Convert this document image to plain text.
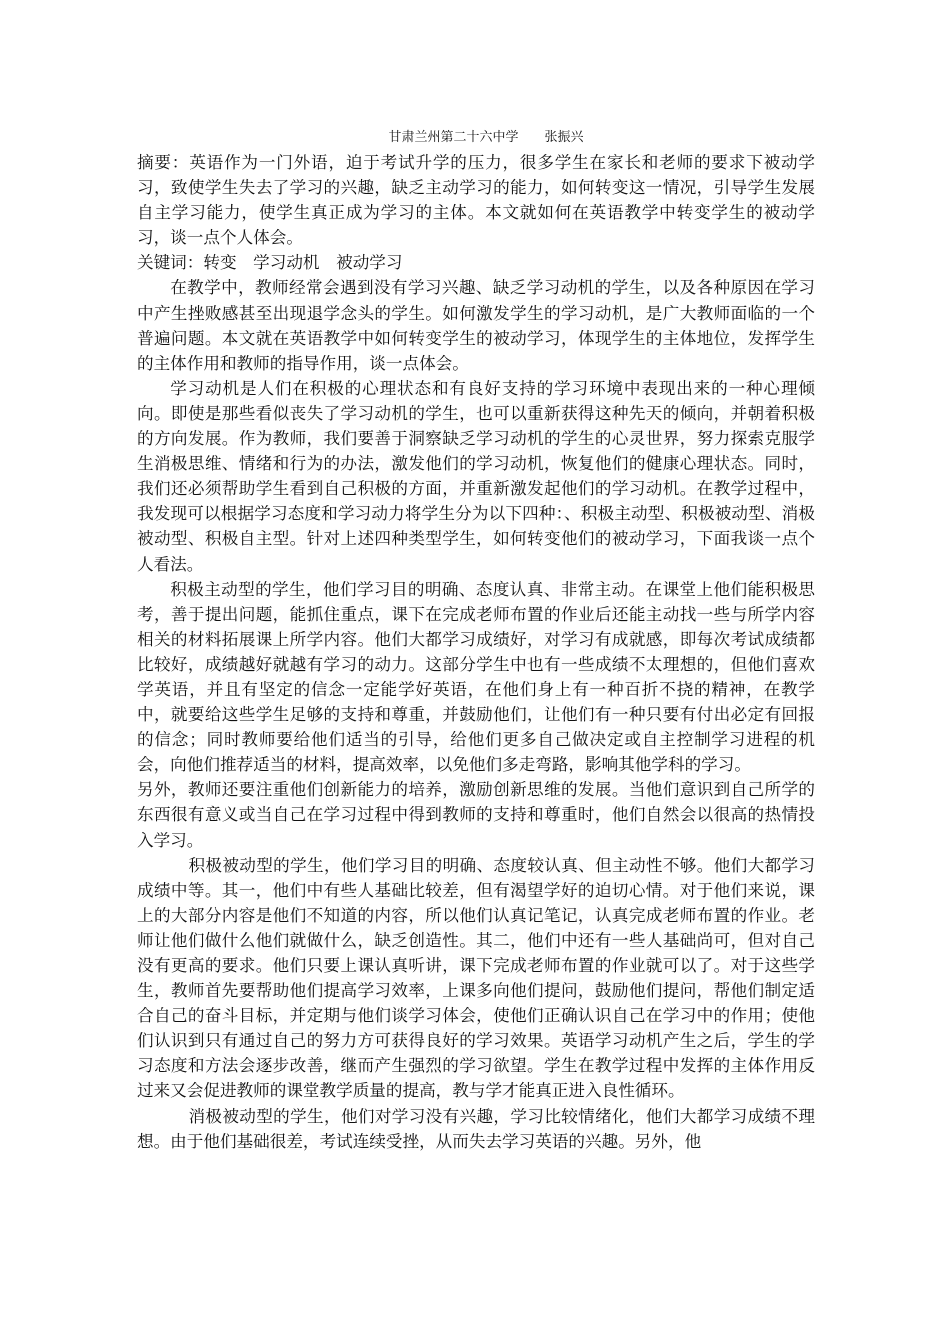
甘肃兰州第二十六中学　　张振兴

摘要：英语作为一门外语，迫于考试升学的压力，很多学生在家长和老师的要求下被动学习，致使学生失去了学习的兴趣，缺乏主动学习的能力，如何转变这一情况，引导学生发展自主学习能力，使学生真正成为学习的主体。本文就如何在英语教学中转变学生的被动学习，谈一点个人体会。

关键词：转变　学习动机　被动学习

在教学中，教师经常会遇到没有学习兴趣、缺乏学习动机的学生，以及各种原因在学习中产生挫败感甚至出现退学念头的学生。如何激发学生的学习动机，是广大教师面临的一个普遍问题。本文就在英语教学中如何转变学生的被动学习，体现学生的主体地位，发挥学生的主体作用和教师的指导作用，谈一点体会。

学习动机是人们在积极的心理状态和有良好支持的学习环境中表现出来的一种心理倾向。即使是那些看似丧失了学习动机的学生，也可以重新获得这种先天的倾向，并朝着积极的方向发展。作为教师，我们要善于洞察缺乏学习动机的学生的心灵世界，努力探索克服学生消极思维、情绪和行为的办法，激发他们的学习动机，恢复他们的健康心理状态。同时，我们还必须帮助学生看到自己积极的方面，并重新激发起他们的学习动机。在教学过程中，我发现可以根据学习态度和学习动力将学生分为以下四种：、积极主动型、积极被动型、消极被动型、积极自主型。针对上述四种类型学生，如何转变他们的被动学习，下面我谈一点个人看法。

积极主动型的学生，他们学习目的明确、态度认真、非常主动。在课堂上他们能积极思考，善于提出问题，能抓住重点，课下在完成老师布置的作业后还能主动找一些与所学内容相关的材料拓展课上所学内容。他们大都学习成绩好，对学习有成就感，即每次考试成绩都比较好，成绩越好就越有学习的动力。这部分学生中也有一些成绩不太理想的，但他们喜欢学英语，并且有坚定的信念一定能学好英语，在他们身上有一种百折不挠的精神，在教学中，就要给这些学生足够的支持和尊重，并鼓励他们，让他们有一种只要有付出必定有回报的信念；同时教师要给他们适当的引导，给他们更多自己做决定或自主控制学习进程的机会，向他们推荐适当的材料，提高效率，以免他们多走弯路，影响其他学科的学习。

另外，教师还要注重他们创新能力的培养，激励创新思维的发展。当他们意识到自己所学的东西很有意义或当自己在学习过程中得到教师的支持和尊重时，他们自然会以很高的热情投入学习。

积极被动型的学生，他们学习目的明确、态度较认真、但主动性不够。他们大都学习成绩中等。其一，他们中有些人基础比较差，但有渴望学好的迫切心情。对于他们来说，课上的大部分内容是他们不知道的内容，所以他们认真记笔记，认真完成老师布置的作业。老师让他们做什么他们就做什么，缺乏创造性。其二，他们中还有一些人基础尚可，但对自己没有更高的要求。他们只要上课认真听讲，课下完成老师布置的作业就可以了。对于这些学生，教师首先要帮助他们提高学习效率，上课多向他们提问，鼓励他们提问，帮他们制定适合自己的奋斗目标，并定期与他们谈学习体会，使他们正确认识自己在学习中的作用；使他们认识到只有通过自己的努力方可获得良好的学习效果。英语学习动机产生之后，学生的学习态度和方法会逐步改善，继而产生强烈的学习欲望。学生在教学过程中发挥的主体作用反过来又会促进教师的课堂教学质量的提高，教与学才能真正进入良性循环。

消极被动型的学生，他们对学习没有兴趣，学习比较情绪化，他们大都学习成绩不理想。由于他们基础很差，考试连续受挫，从而失去学习英语的兴趣。另外，他
